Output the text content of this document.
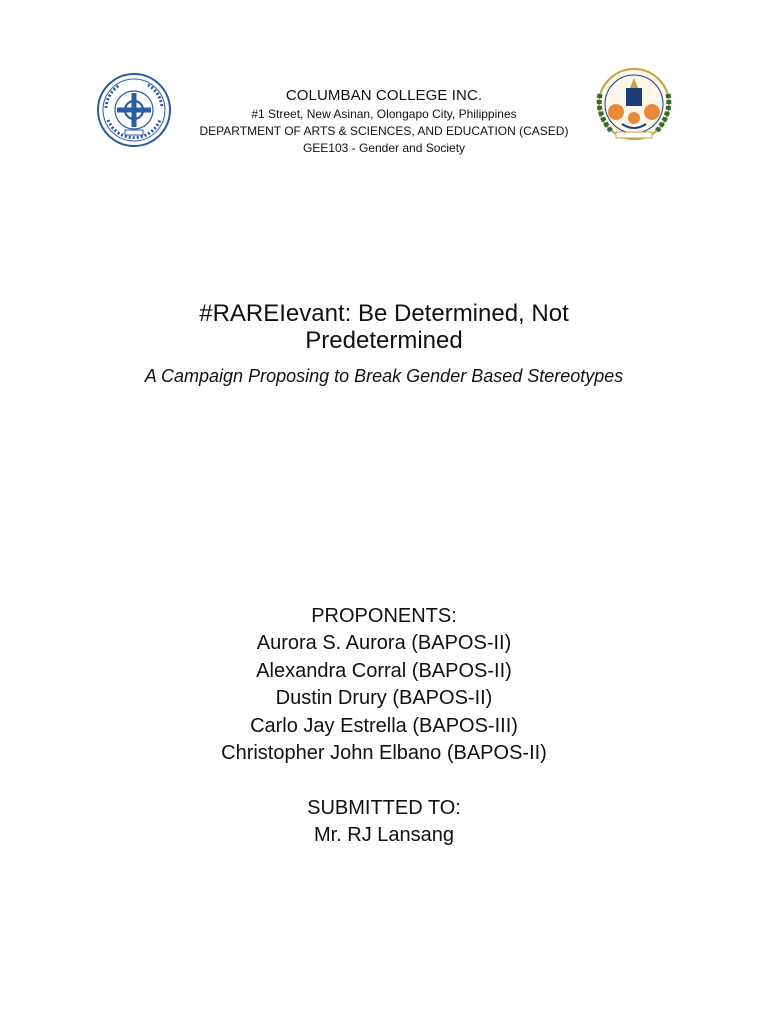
COLUMBAN COLLEGE INC.
#1 Street, New Asinan, Olongapo City, Philippines
DEPARTMENT OF ARTS & SCIENCES, AND EDUCATION (CASED)
GEE103 - Gender and Society
#RAREIevant: Be Determined, Not Predetermined
A Campaign Proposing to Break Gender Based Stereotypes
PROPONENTS:
Aurora S. Aurora (BAPOS-II)
Alexandra Corral (BAPOS-II)
Dustin Drury (BAPOS-II)
Carlo Jay Estrella (BAPOS-III)
Christopher John Elbano (BAPOS-II)
SUBMITTED TO:
Mr. RJ Lansang
